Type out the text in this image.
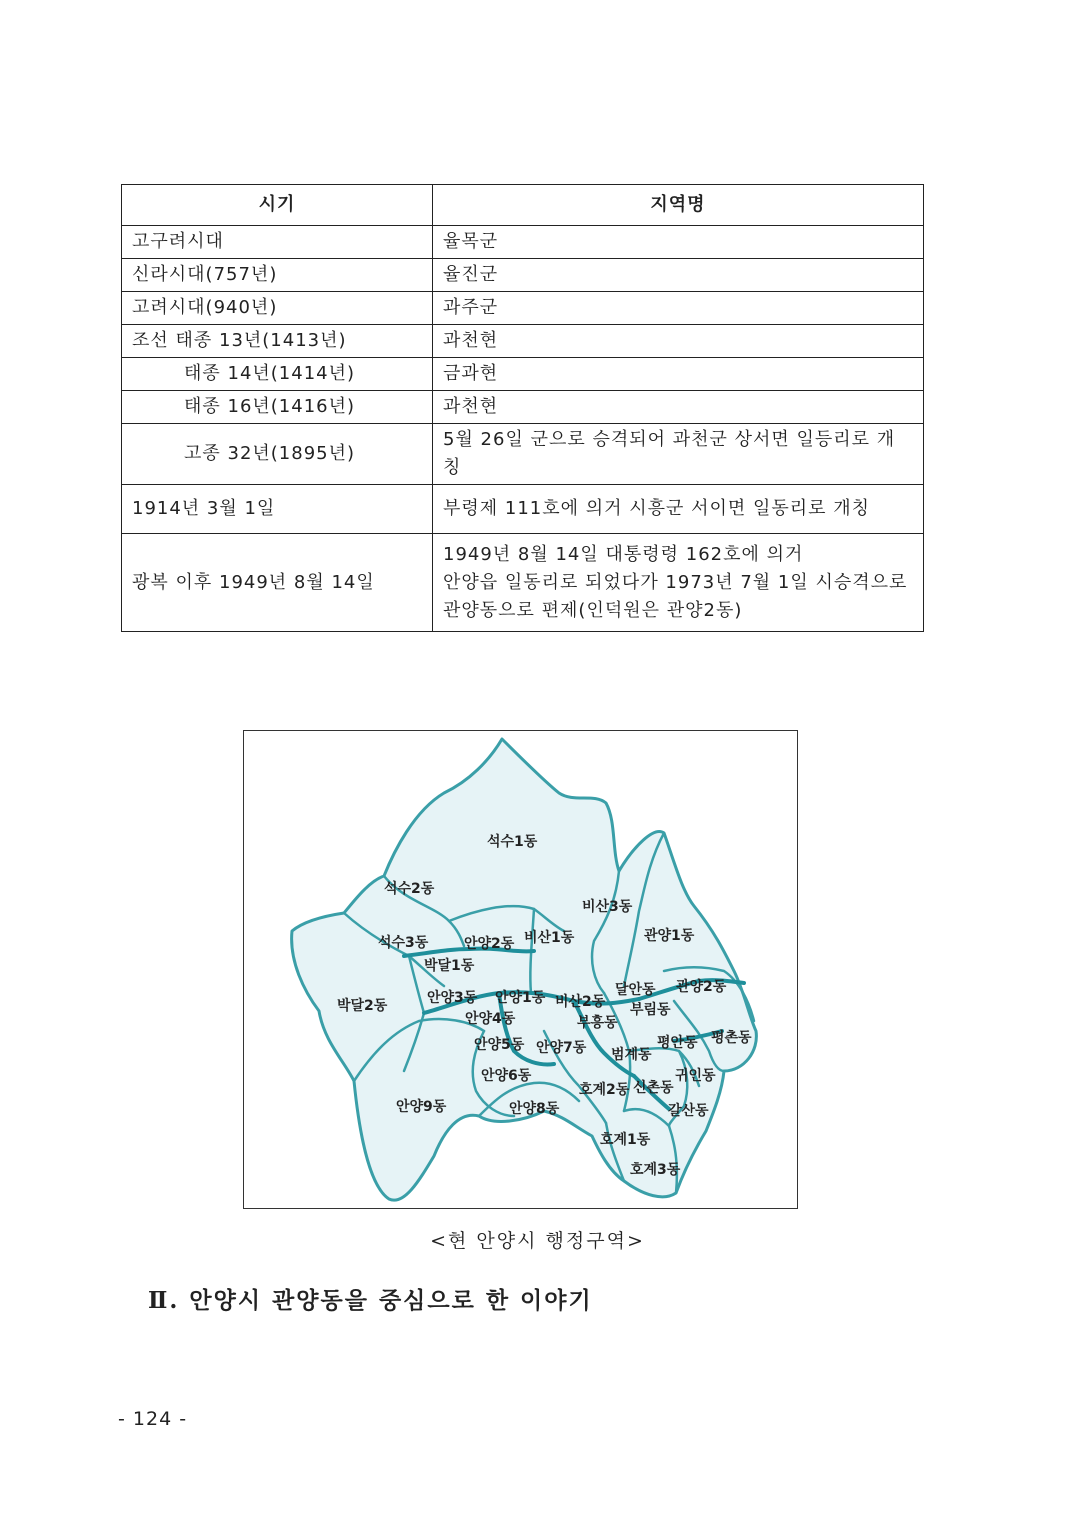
시기	지역명
고구려시대	율목군
신라시대(757년)	율진군
고려시대(940년)	과주군
조선 태종 13년(1413년)	과천현
태종 14년(1414년)	금과현
태종 16년(1416년)	과천현
고종 32년(1895년)	5월 26일 군으로 승격되어 과천군 상서면 일등리로 개칭
1914년 3월 1일	부령제 111호에 의거 시흥군 서이면 일동리로 개칭
광복 이후 1949년 8월 14일	1949년 8월 14일 대통령령 162호에 의거
안양읍 일동리로 되었다가 1973년 7월 1일 시승격으로 관양동으로 편제(인덕원은 관양2동)
석수1동
석수2동
비산3동
관양1동
석수3동	안양2동 비산1동
박달1동
박달2동	안양3동 안양1동 비산2동
달안동 관양2동
안양4동	부흥동
부림동
안양5동 안양7동 범계동
평안동 평촌동
안양6동	귀인동
호계2동 신촌동
안양9동	안양8동	갈산동
호계1동
호계3동
<현 안양시 행정구역>
Ⅱ. 안양시 관양동을 중심으로 한 이야기
- 124 -
